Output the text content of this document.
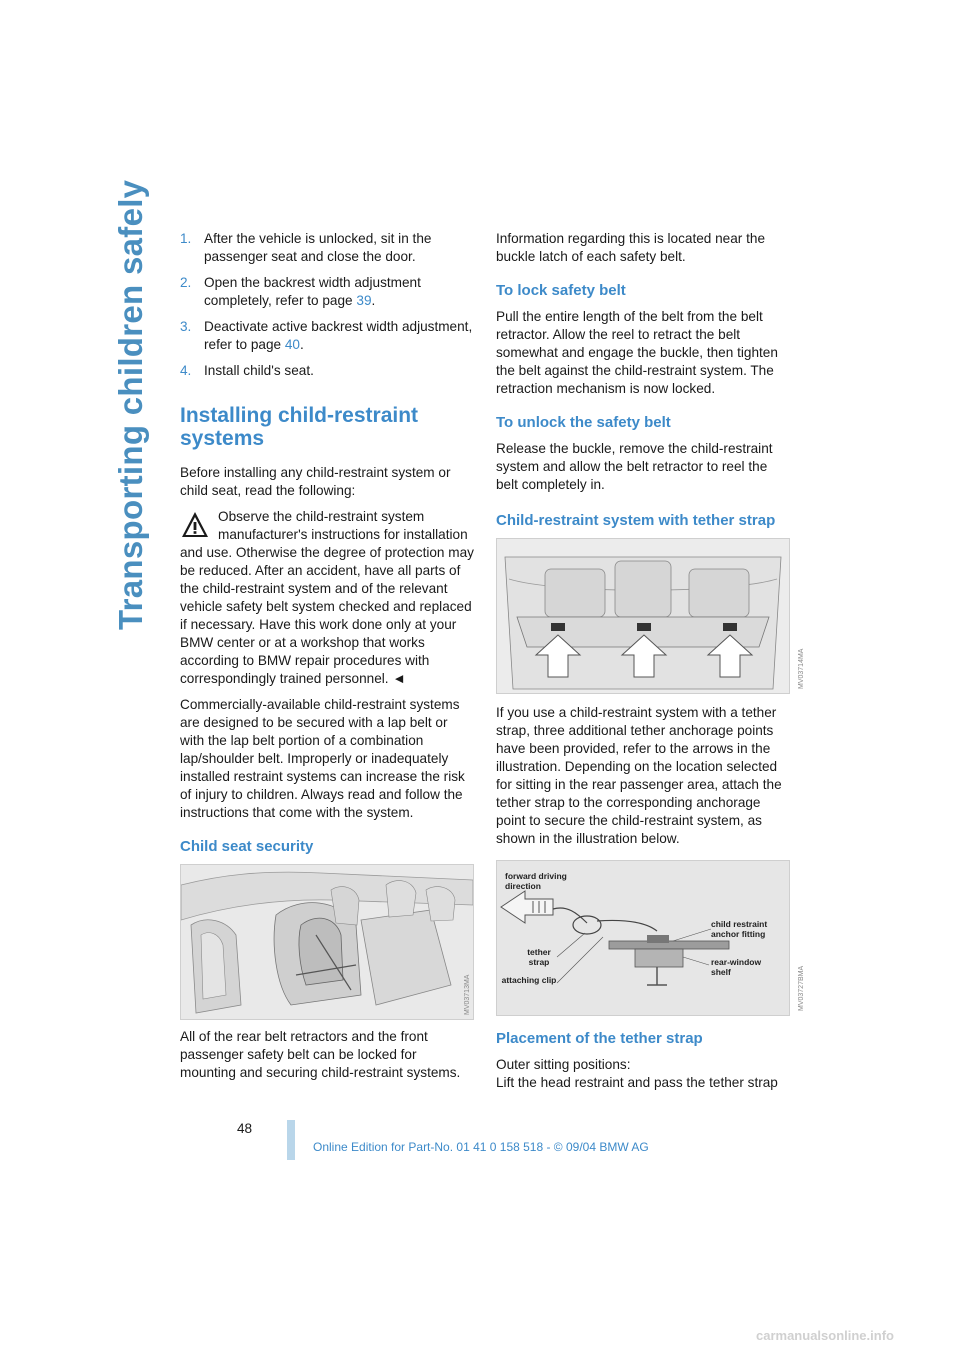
Transporting children safely 1. After the vehicle is unlocked, sit in the passenger seat and close the door.
2. Open the backrest width adjustment completely, refer to page 39.
3. Deactivate active backrest width adjustment, refer to page 40.
4. Install child's seat.
Installing child-restraint systems

Before installing any child-restraint system or child seat, read the following:

Observe the child-restraint system manufacturer's instructions for installation and use. Otherwise the degree of protection may be reduced. After an accident, have all parts of the child-restraint system and of the relevant vehicle safety belt system checked and replaced if necessary. Have this work done only at your BMW center or at a workshop that works according to BMW repair procedures with correspondingly trained personnel. ◄

Commercially-available child-restraint systems are designed to be secured with a lap belt or with the lap belt portion of a combination lap/shoulder belt. Improperly or inadequately installed restraint systems can increase the risk of injury to children. Always read and follow the instructions that come with the system.

Child seat security
MV03713MA

All of the rear belt retractors and the front passenger safety belt can be locked for mounting and securing child-restraint systems.

Information regarding this is located near the buckle latch of each safety belt.

To lock safety belt

Pull the entire length of the belt from the belt retractor. Allow the reel to retract the belt somewhat and engage the buckle, then tighten the belt against the child-restraint system. The retraction mechanism is now locked.

To unlock the safety belt

Release the buckle, remove the child-restraint system and allow the belt retractor to reel the belt completely in.

Child-restraint system with tether strap
MV03714MA

If you use a child-restraint system with a tether strap, three additional tether anchorage points have been provided, refer to the arrows in the illustration. Depending on the location selected for sitting in the rear passenger area, attach the tether strap to the corresponding anchorage point to secure the child-restraint system, as shown in the illustration below.

forward driving direction
tether strap
attaching clip
child restraint anchor fitting
rear-window shelf	MV03727BMA
Placement of the tether strap

Outer sitting positions:

Lift the head restraint and pass the tether strap

48
Online Edition for Part-No. 01 41 0 158 518 - © 09/04 BMW AG
carmanualsonline.info
